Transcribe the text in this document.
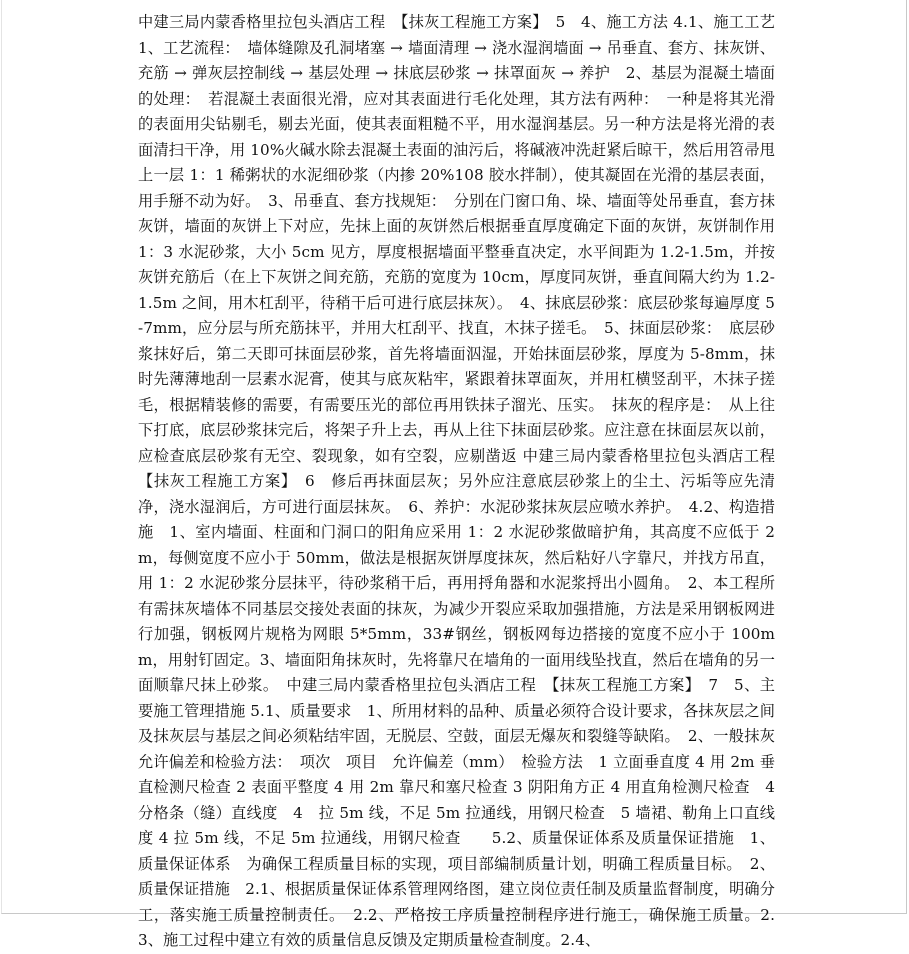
中建三局内蒙香格里拉包头酒店工程　【抹灰工程施工方案】　5　4、施工方法 4.1、施工工艺　1、工艺流程：　墙体缝隙及孔洞堵塞 → 墙面清理 → 浇水湿润墙面 → 吊垂直、套方、抹灰饼、充筋 → 弹灰层控制线 → 基层处理 → 抹底层砂浆 → 抹罩面灰 → 养护　2、基层为混凝土墙面的处理：　若混凝土表面很光滑，应对其表面进行毛化处理，其方法有两种：　一种是将其光滑的表面用尖钻剔毛，剔去光面，使其表面粗糙不平，用水湿润基层。另一种方法是将光滑的表面清扫干净，用 10%火碱水除去混凝土表面的油污后，将碱液冲洗赶紧后晾干，然后用笤帚甩上一层 1：1 稀粥状的水泥细砂浆（内掺 20%108 胶水拌制），使其凝固在光滑的基层表面，用手掰不动为好。　3、吊垂直、套方找规矩：　分别在门窗口角、垛、墙面等处吊垂直，套方抹灰饼，墙面的灰饼上下对应，先抹上面的灰饼然后根据垂直厚度确定下面的灰饼，灰饼制作用 1：3 水泥砂浆，大小 5cm 见方，厚度根据墙面平整垂直决定，水平间距为 1.2-1.5m，并按灰饼充筋后（在上下灰饼之间充筋，充筋的宽度为 10cm，厚度同灰饼，垂直间隔大约为 1.2-1.5m 之间，用木杠刮平，待稍干后可进行底层抹灰）。　4、抹底层砂浆：底层砂浆每遍厚度 5-7mm，应分层与所充筋抹平，并用大杠刮平、找直，木抹子搓毛。　5、抹面层砂浆：　底层砂浆抹好后，第二天即可抹面层砂浆，首先将墙面泅湿，开始抹面层砂浆，厚度为 5-8mm，抹时先薄薄地刮一层素水泥膏，使其与底灰粘牢，紧跟着抹罩面灰，并用杠横竖刮平，木抹子搓毛，根据精装修的需要，有需要压光的部位再用铁抹子溜光、压实。　抹灰的程序是：　从上往下打底，底层砂浆抹完后，将架子升上去，再从上往下抹面层砂浆。应注意在抹面层灰以前，应检查底层砂浆有无空、裂现象，如有空裂，应剔凿返 中建三局内蒙香格里拉包头酒店工程　【抹灰工程施工方案】　6　修后再抹面层灰；另外应注意底层砂浆上的尘土、污垢等应先清净，浇水湿润后，方可进行面层抹灰。　6、养护：水泥砂浆抹灰层应喷水养护。　4.2、构造措施　1、室内墙面、柱面和门洞口的阳角应采用 1：2 水泥砂浆做暗护角，其高度不应低于 2m，每侧宽度不应小于 50mm，做法是根据灰饼厚度抹灰，然后粘好八字靠尺，并找方吊直，用 1：2 水泥砂浆分层抹平，待砂浆稍干后，再用捋角器和水泥浆捋出小圆角。　2、本工程所有需抹灰墙体不同基层交接处表面的抹灰，为减少开裂应采取加强措施，方法是采用钢板网进行加强，钢板网片规格为网眼 5*5mm，33#钢丝，钢板网每边搭接的宽度不应小于 100mm，用射钉固定。3、墙面阳角抹灰时，先将靠尺在墙角的一面用线坠找直，然后在墙角的另一面顺靠尺抹上砂浆。　中建三局内蒙香格里拉包头酒店工程　【抹灰工程施工方案】　7　5、主要施工管理措施 5.1、质量要求　1、所用材料的品种、质量必须符合设计要求，各抹灰层之间及抹灰层与基层之间必须粘结牢固，无脱层、空鼓，面层无爆灰和裂缝等缺陷。　2、一般抹灰允许偏差和检验方法：　项次　项目　允许偏差（mm）　检验方法　1 立面垂直度 4 用 2m 垂直检测尺检查 2 表面平整度 4 用 2m 靠尺和塞尺检查 3 阴阳角方正 4 用直角检测尺检查　4 分格条（缝）直线度　4　拉 5m 线，不足 5m 拉通线，用钢尺检查　5 墙裙、勒角上口直线 度 4 拉 5m 线，不足 5m 拉通线，用钢尺检查　　5.2、质量保证体系及质量保证措施　1、质量保证体系　为确保工程质量目标的实现，项目部编制质量计划，明确工程质量目标。　2、质量保证措施　2.1、根据质量保证体系管理网络图，建立岗位责任制及质量监督制度，明确分工，落实施工质量控制责任。　2.2、严格按工序质量控制程序进行施工，确保施工质量。2.3、施工过程中建立有效的质量信息反馈及定期质量检查制度。2.4、
